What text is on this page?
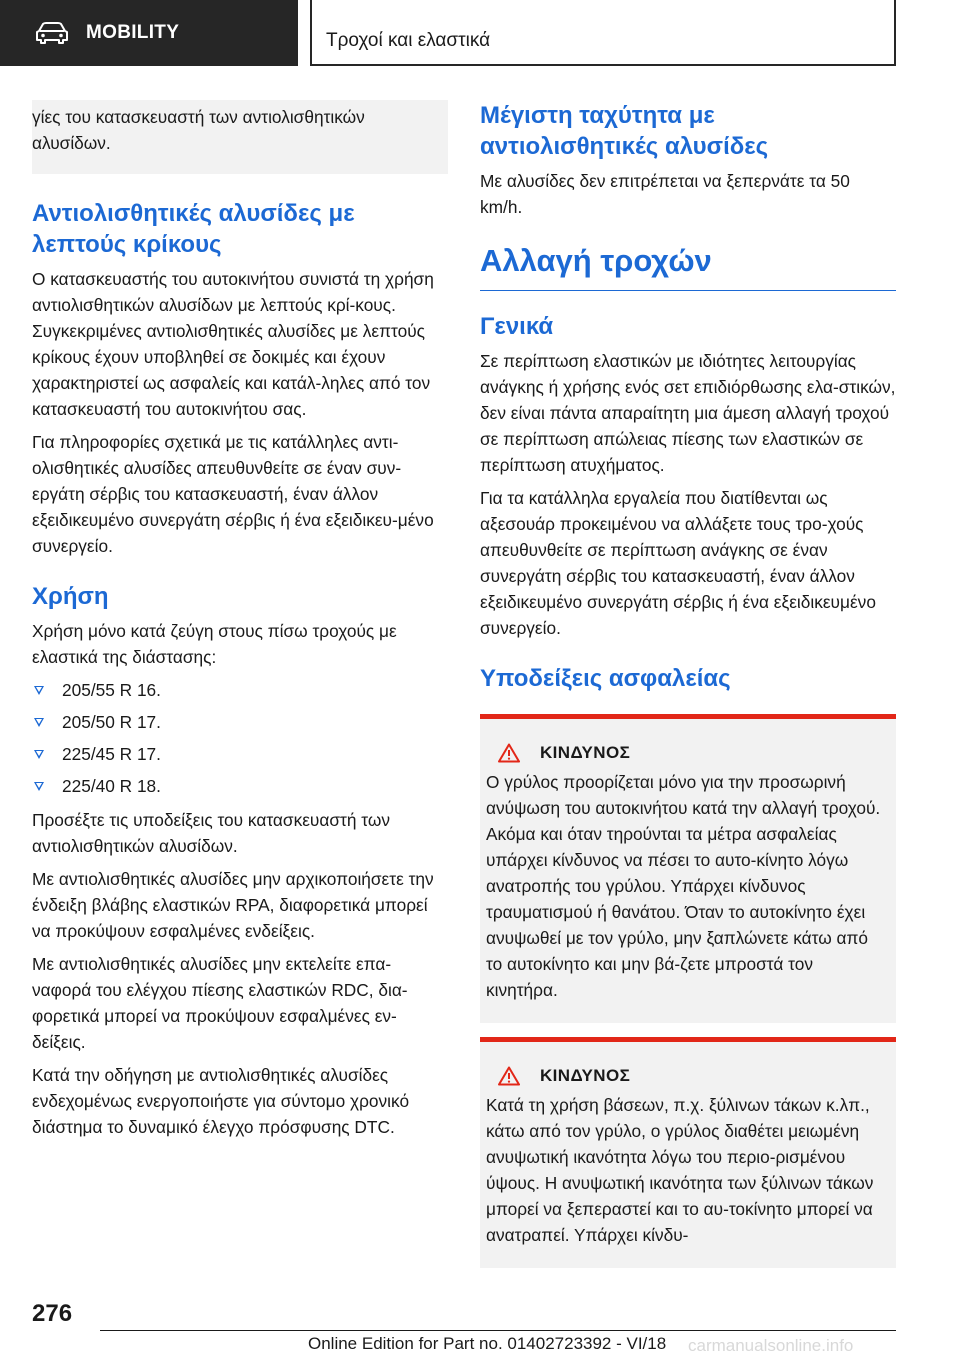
MOBILITY	Τροχοί και ελαστικά

γίες του κατασκευαστή των αντιολισθητικών αλυσίδων.

Αντιολισθητικές αλυσίδες με λεπτούς κρίκους

Ο κατασκευαστής του αυτοκινήτου συνιστά τη χρήση αντιολισθητικών αλυσίδων με λεπτούς κρί-κους. Συγκεκριμένες αντιολισθητικές αλυσίδες με λεπτούς κρίκους έχουν υποβληθεί σε δοκιμές και έχουν χαρακτηριστεί ως ασφαλείς και κατάλ-ληλες από τον κατασκευαστή του αυτοκινήτου σας.

Για πληροφορίες σχετικά με τις κατάλληλες αντι-ολισθητικές αλυσίδες απευθυνθείτε σε έναν συν-εργάτη σέρβις του κατασκευαστή, έναν άλλον εξειδικευμένο συνεργάτη σέρβις ή ένα εξειδικευ-μένο συνεργείο.

Χρήση

Χρήση μόνο κατά ζεύγη στους πίσω τροχούς με ελαστικά της διάστασης:

205/55 R 16.
205/50 R 17.
225/45 R 17.
225/40 R 18.

Προσέξτε τις υποδείξεις του κατασκευαστή των αντιολισθητικών αλυσίδων.

Με αντιολισθητικές αλυσίδες μην αρχικοποιήσετε την ένδειξη βλάβης ελαστικών RPA, διαφορετικά μπορεί να προκύψουν εσφαλμένες ενδείξεις.

Με αντιολισθητικές αλυσίδες μην εκτελείτε επα-ναφορά του ελέγχου πίεσης ελαστικών RDC, δια-φορετικά μπορεί να προκύψουν εσφαλμένες εν-δείξεις.

Κατά την οδήγηση με αντιολισθητικές αλυσίδες ενδεχομένως ενεργοποιήστε για σύντομο χρονικό διάστημα το δυναμικό έλεγχο πρόσφυσης DTC.

Μέγιστη ταχύτητα με αντιολισθητικές αλυσίδες

Με αλυσίδες δεν επιτρέπεται να ξεπερνάτε τα 50 km/h.

Αλλαγή τροχών
Γενικά

Σε περίπτωση ελαστικών με ιδιότητες λειτουργίας ανάγκης ή χρήσης ενός σετ επιδιόρθωσης ελα-στικών, δεν είναι πάντα απαραίτητη μια άμεση αλλαγή τροχού σε περίπτωση απώλειας πίεσης των ελαστικών σε περίπτωση ατυχήματος.

Για τα κατάλληλα εργαλεία που διατίθενται ως αξεσουάρ προκειμένου να αλλάξετε τους τρο-χούς απευθυνθείτε σε περίπτωση ανάγκης σε έναν συνεργάτη σέρβις του κατασκευαστή, έναν άλλον εξειδικευμένο συνεργάτη σέρβις ή ένα εξειδικευμένο συνεργείο.

Υποδείξεις ασφαλείας
ΚΙΝΔΥΝΟΣ

Ο γρύλος προορίζεται μόνο για την προσωρινή ανύψωση του αυτοκινήτου κατά την αλλαγή τροχού. Ακόμα και όταν τηρούνται τα μέτρα ασφαλείας υπάρχει κίνδυνος να πέσει το αυτο-κίνητο λόγω ανατροπής του γρύλου. Υπάρχει κίνδυνος τραυματισμού ή θανάτου. Όταν το αυτοκίνητο έχει ανυψωθεί με τον γρύλο, μην ξαπλώνετε κάτω από το αυτοκίνητο και μην βά-ζετε μπροστά τον κινητήρα.

ΚΙΝΔΥΝΟΣ

Κατά τη χρήση βάσεων, π.χ. ξύλινων τάκων κ.λπ., κάτω από τον γρύλο, ο γρύλος διαθέτει μειωμένη ανυψωτική ικανότητα λόγω του περιο-ρισμένου ύψους. Η ανυψωτική ικανότητα των ξύλινων τάκων μπορεί να ξεπεραστεί και το αυ-τοκίνητο μπορεί να ανατραπεί. Υπάρχει κίνδυ-

276
Online Edition for Part no. 01402723392 - VI/18 carmanualsonline.info
